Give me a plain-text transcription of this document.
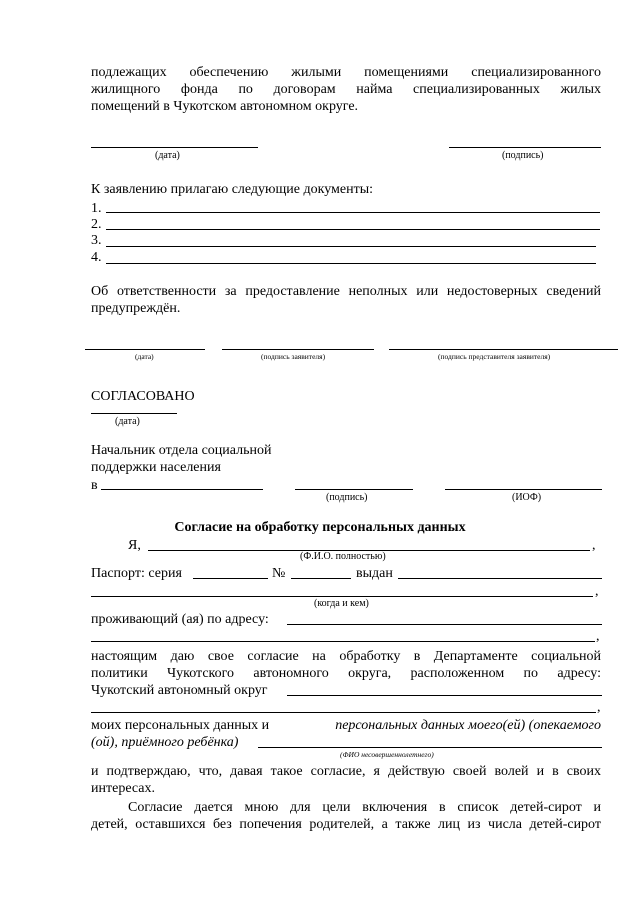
подлежащих обеспечению жилыми помещениями специализированного
жилищного фонда по договорам найма специализированных жилых
помещений в Чукотском автономном округе.
(дата)	(подпись)
К заявлению прилагаю следующие документы:
1.
2.
3.
4.
Об ответственности за предоставление неполных или недостоверных сведений
предупреждён.
(дата)	(подпись заявителя)	(подпись представителя заявителя)
СОГЛАСОВАНО
(дата)
Начальник отдела социальной
поддержки населения
в
(подпись)	(ИОФ)
Согласие на обработку персональных данных
Я,	,
(Ф.И.О. полностью)
Паспорт: серия	№	выдан
,
(когда и кем)
проживающий (ая) по адресу:
,
настоящим даю свое согласие на обработку в Департаменте социальной
политики Чукотского автономного округа, расположенном по адресу:
Чукотский автономный округ
,
моих персональных данных и	персональных данных моего(ей) (опекаемого
(ой), приёмного ребёнка)
(ФИО несовершеннолетнего)
и подтверждаю, что, давая такое согласие, я действую своей волей и в своих
интересах.
Согласие дается мною для цели включения в список детей-сирот и
детей, оставшихся без попечения родителей, а также лиц из числа детей-сирот
